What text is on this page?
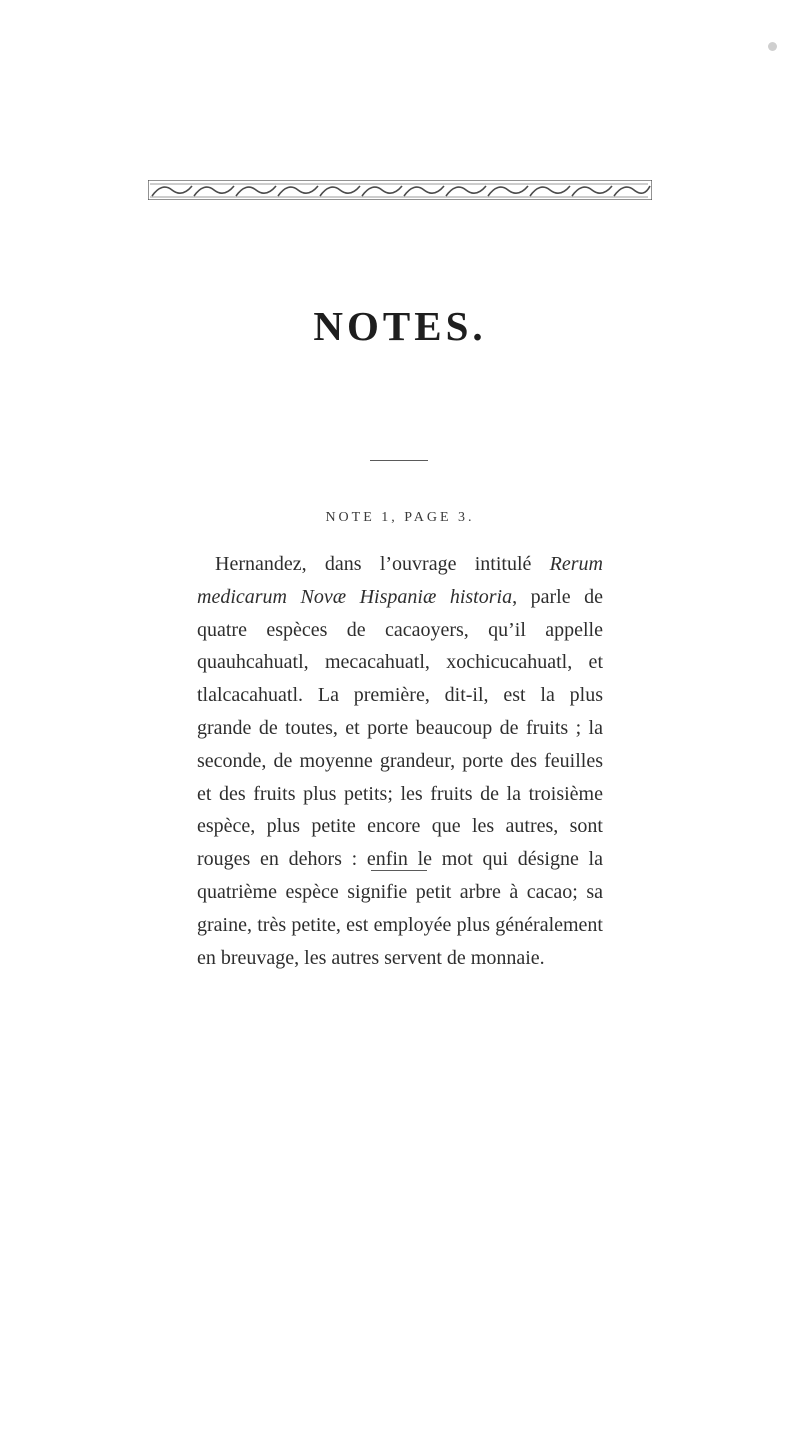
NOTES.
NOTE 1, PAGE 3.

Hernandez, dans l’ouvrage intitulé Rerum medicarum Novæ Hispaniæ historia, parle de quatre espèces de cacaoyers, qu’il appelle quauhcahuatl, mecacahuatl, xochicucahuatl, et tlalcacahuatl. La première, dit-il, est la plus grande de toutes, et porte beaucoup de fruits ; la seconde, de moyenne grandeur, porte des feuilles et des fruits plus petits; les fruits de la troisième espèce, plus petite encore que les autres, sont rouges en dehors : enfin le mot qui désigne la quatrième espèce signifie petit arbre à cacao; sa graine, très petite, est employée plus généralement en breuvage, les autres servent de monnaie.
